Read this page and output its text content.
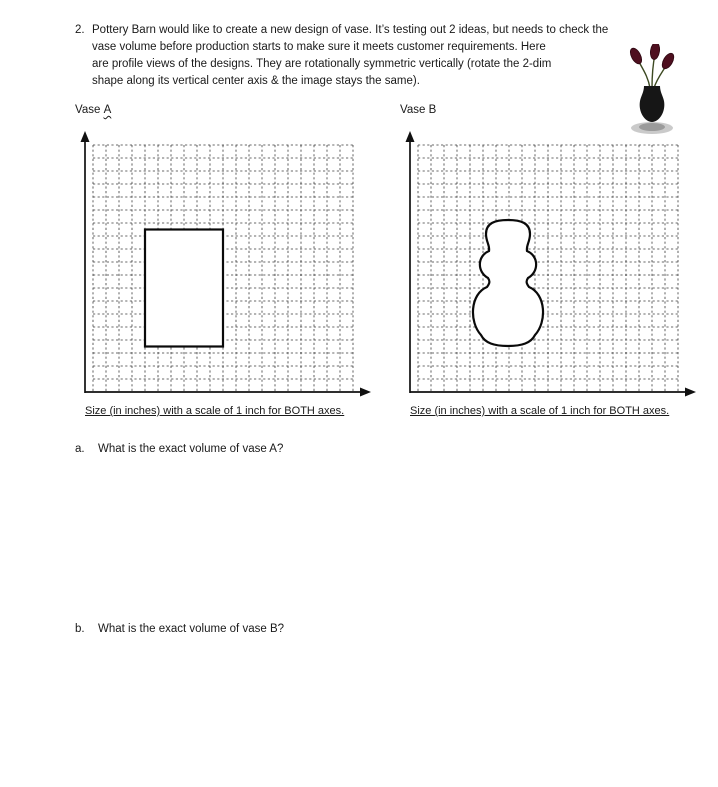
2. Pottery Barn would like to create a new design of vase. It’s testing out 2 ideas, but needs to check the
vase volume before production starts to make sure it meets customer requirements. Here
are profile views of the designs. They are rotationally symmetric vertically (rotate the 2-dim
shape along its vertical center axis & the image stays the same).
Vase A	Vase B
Size (in inches) with a scale of 1 inch for BOTH axes.	Size (in inches) with a scale of 1 inch for BOTH axes.
a.	What is the exact volume of vase A?
b.	What is the exact volume of vase B?
